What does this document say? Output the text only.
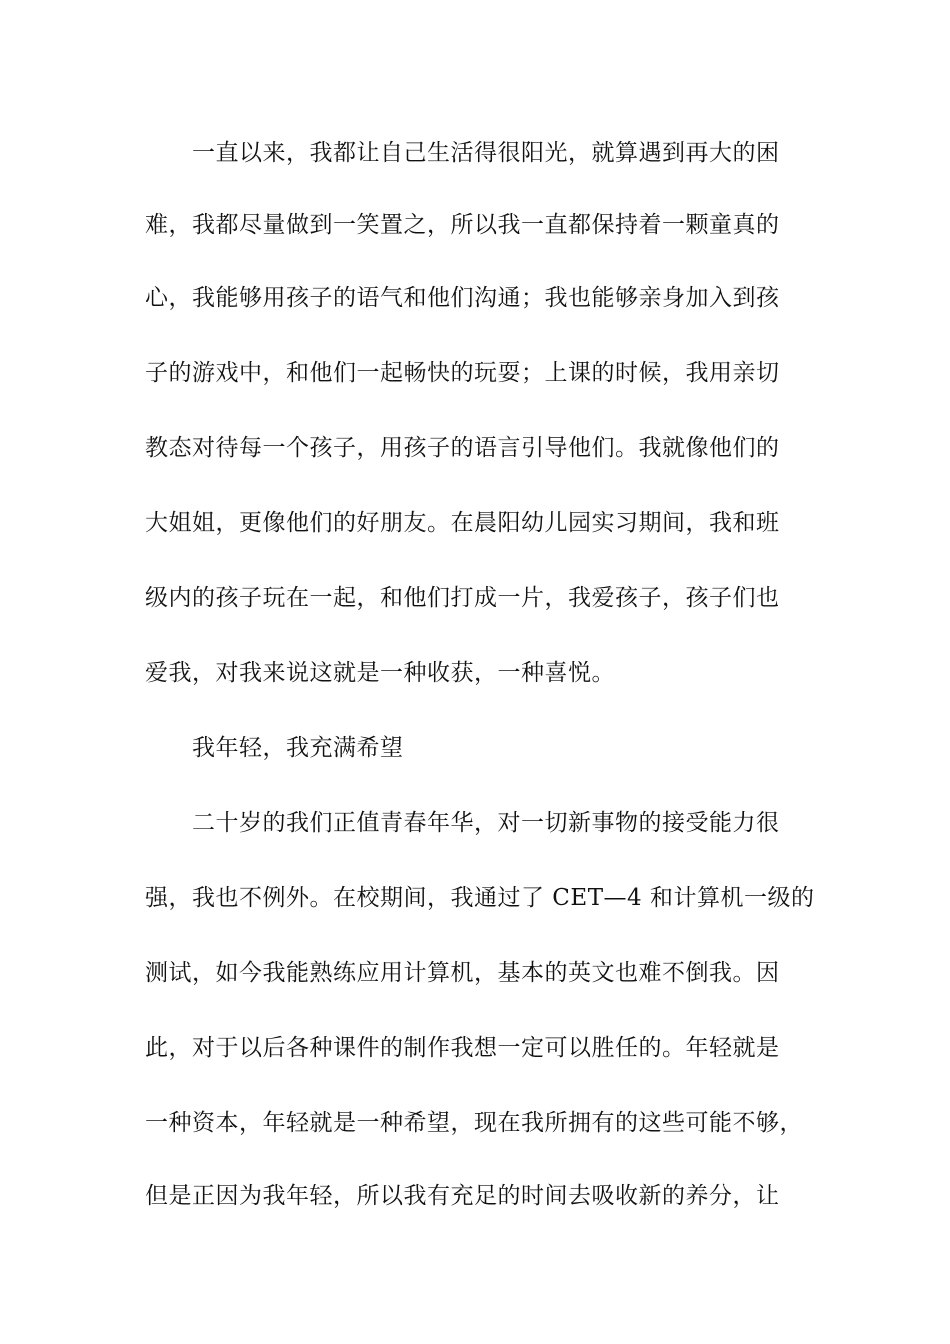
一直以来，我都让自己生活得很阳光，就算遇到再大的困
难，我都尽量做到一笑置之，所以我一直都保持着一颗童真的
心，我能够用孩子的语气和他们沟通；我也能够亲身加入到孩
子的游戏中，和他们一起畅快的玩耍；上课的时候，我用亲切
教态对待每一个孩子，用孩子的语言引导他们。我就像他们的
大姐姐，更像他们的好朋友。在晨阳幼儿园实习期间，我和班
级内的孩子玩在一起，和他们打成一片，我爱孩子，孩子们也
爱我，对我来说这就是一种收获，一种喜悦。
我年轻，我充满希望
二十岁的我们正值青春年华，对一切新事物的接受能力很
强，我也不例外。在校期间，我通过了 CET—4 和计算机一级的
测试，如今我能熟练应用计算机，基本的英文也难不倒我。因
此，对于以后各种课件的制作我想一定可以胜任的。年轻就是
一种资本，年轻就是一种希望，现在我所拥有的这些可能不够，
但是正因为我年轻，所以我有充足的时间去吸收新的养分，让
